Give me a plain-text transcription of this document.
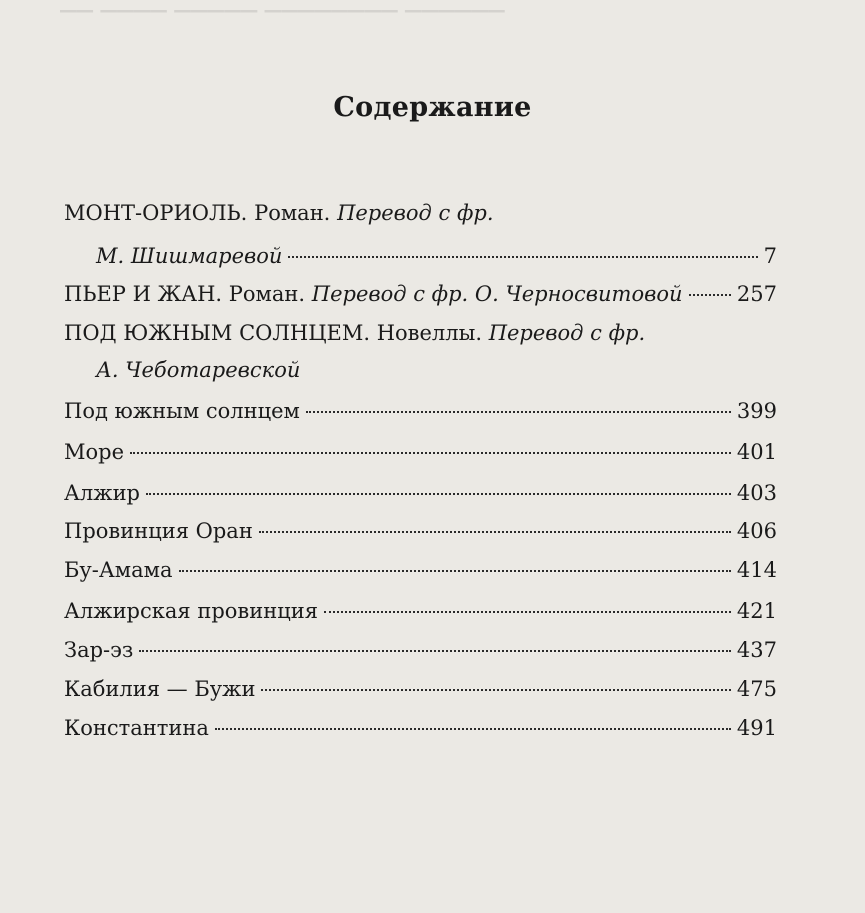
▔▔ ▔▔▔▔ ▔▔▔▔▔ ▔▔▔▔▔▔▔▔ ▔▔▔▔▔▔
Содержание
МОНТ-ОРИОЛЬ. Роман. Перевод с фр.
М. Шишмаревой	7
ПЬЕР И ЖАН. Роман. Перевод с фр. О. Черносвитовой	257
ПОД ЮЖНЫМ СОЛНЦЕМ. Новеллы. Перевод с фр.
А. Чеботаревской
Под южным солнцем	399
Море	401
Алжир	403
Провинция Оран	406
Бу-Амама	414
Алжирская провинция	421
Зар-эз	437
Кабилия — Бужи	475
Константина	491
